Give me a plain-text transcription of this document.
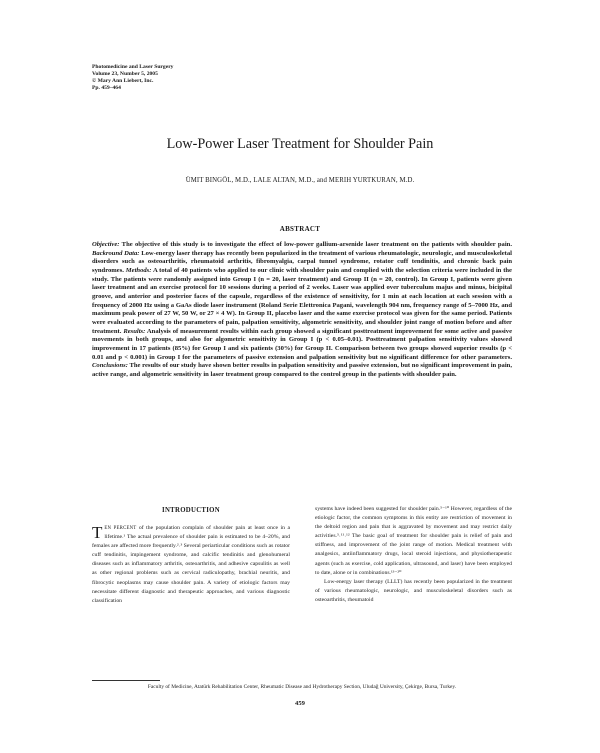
Photomedicine and Laser Surgery
Volume 23, Number 5, 2005
© Mary Ann Liebert, Inc.
Pp. 459–464
Low-Power Laser Treatment for Shoulder Pain
ÜMIT BINGÖL, M.D., LALE ALTAN, M.D., and MERIH YURTKURAN, M.D.
ABSTRACT
Objective: The objective of this study is to investigate the effect of low-power gallium-arsenide laser treatment on the patients with shoulder pain. Backround Data: Low-energy laser therapy has recently been popularized in the treatment of various rheumatologic, neurologic, and musculoskeletal disorders such as osteoarthritis, rheumatoid arthritis, fibromyalgia, carpal tunnel syndrome, rotator cuff tendinitis, and chronic back pain syndromes. Methods: A total of 40 patients who applied to our clinic with shoulder pain and complied with the selection criteria were included in the study. The patients were randomly assigned into Group I (n = 20, laser treatment) and Group II (n = 20, control). In Group I, patients were given laser treatment and an exercise protocol for 10 sessions during a period of 2 weeks. Laser was applied over tuberculum majus and minus, bicipital groove, and anterior and posterior faces of the capsule, regardless of the existence of sensitivity, for 1 min at each location at each session with a frequency of 2000 Hz using a GaAs diode laser instrument (Roland Serie Elettronica Pagani, wavelength 904 nm, frequency range of 5–7000 Hz, and maximum peak power of 27 W, 50 W, or 27 × 4 W). In Group II, placebo laser and the same exercise protocol was given for the same period. Patients were evaluated according to the parameters of pain, palpation sensitivity, algometric sensitivity, and shoulder joint range of motion before and after treatment. Results: Analysis of measurement results within each group showed a significant posttreatment improvement for some active and passive movements in both groups, and also for algometric sensitivity in Group I (p < 0.05–0.01). Posttreatment palpation sensitivity values showed improvement in 17 patients (85%) for Group I and six patients (30%) for Group II. Comparison between two groups showed superior results (p < 0.01 and p < 0.001) in Group I for the parameters of passive extension and palpation sensitivity but no significant difference for other parameters. Conclusions: The results of our study have shown better results in palpation sensitivity and passive extension, but no significant improvement in pain, active range, and algometric sensitivity in laser treatment group compared to the control group in the patients with shoulder pain.
INTRODUCTION

TEN PERCENT of the population complain of shoulder pain at least once in a lifetime.¹ The actual prevalence of shoulder pain is estimated to be 4–20%, and females are affected more frequently.²˒³ Several periarticular conditions such as rotator cuff tendinitis, impingement syndrome, and calcific tendinitis and glenohumeral diseases such as inflammatory arthritis, osteoarthritis, and adhesive capsulitis as well as other regional problems such as cervical radiculopathy, brachial neuritis, and fibrocytic neoplasms may cause shoulder pain. A variety of etiologic factors may necessitate different diagnostic and therapeutic approaches, and various diagnostic classification

systems have indeed been suggested for shoulder pain.⁵⁻¹⁰ However, regardless of the etiologic factor, the common symptoms in this entity are restriction of movement in the deltoid region and pain that is aggravated by movement and may restrict daily activities.⁵˒¹¹˒¹² The basic goal of treatment for shoulder pain is relief of pain and stiffness, and improvement of the joint range of motion. Medical treatment with analgesics, antiinflammatory drugs, local steroid injections, and physiotherapeutic agents (such as exercise, cold application, ultrasound, and laser) have been employed to date, alone or in combinations.¹³⁻²⁰

Low-energy laser therapy (LLLT) has recently been popularized in the treatment of various rheumatologic, neurologic, and musculoskeletal disorders such as osteoarthritis, rheumatoid

Faculty of Medicine, Atatürk Rehabilitation Center, Rheumatic Disease and Hydrotherapy Section, Uludağ University, Çekirge, Bursa, Turkey.
459
